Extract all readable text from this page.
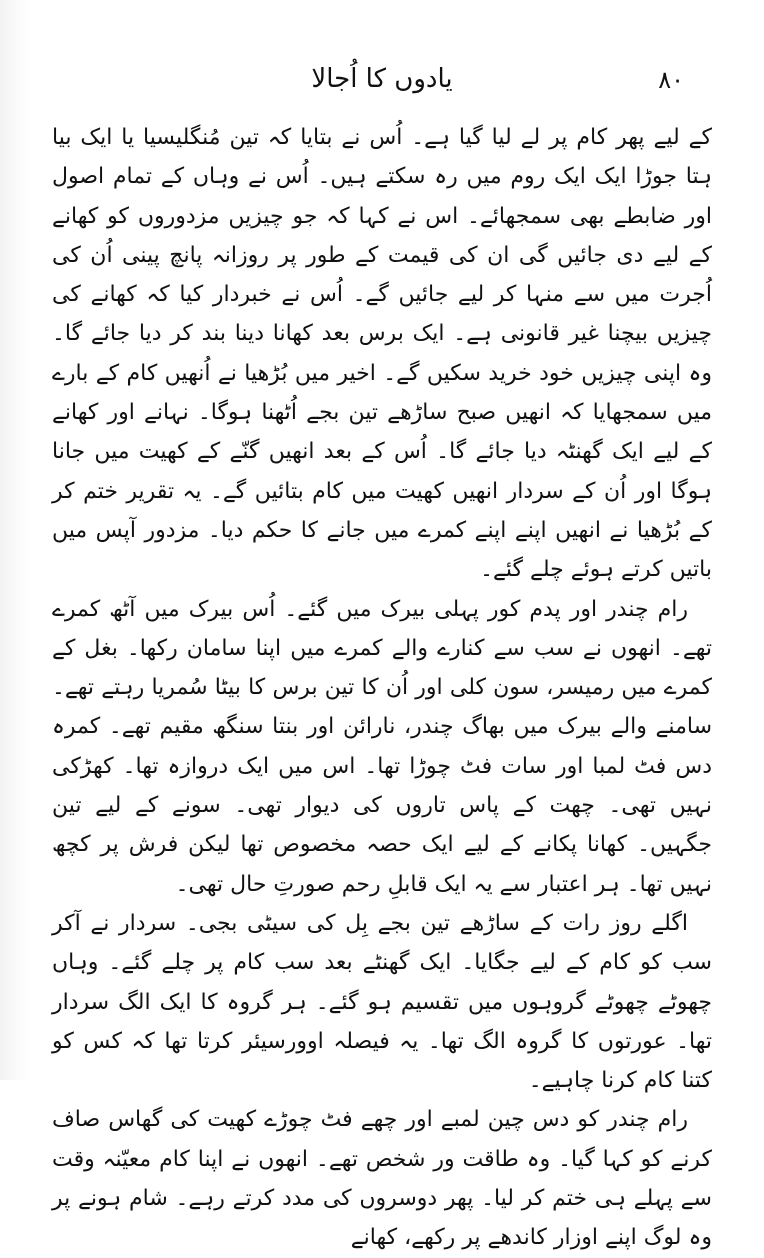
یادوں کا اُجالا	۸۰

کے لیے پھر کام پر لے لیا گیا ہے۔ اُس نے بتایا کہ تین مُنگلیسیا یا ایک بیا ہتا جوڑا ایک ایک روم میں رہ سکتے ہیں۔ اُس نے وہاں کے تمام اصول اور ضابطے بھی سمجھائے۔ اس نے کہا کہ جو چیزیں مزدوروں کو کھانے کے لیے دی جائیں گی ان کی قیمت کے طور پر روزانہ پانچ پینی اُن کی اُجرت میں سے منہا کر لیے جائیں گے۔ اُس نے خبردار کیا کہ کھانے کی چیزیں بیچنا غیر قانونی ہے۔ ایک برس بعد کھانا دینا بند کر دیا جائے گا۔ وہ اپنی چیزیں خود خرید سکیں گے۔ اخیر میں بُڑھیا نے اُنھیں کام کے بارے میں سمجھایا کہ انھیں صبح ساڑھے تین بجے اُٹھنا ہوگا۔ نہانے اور کھانے کے لیے ایک گھنٹہ دیا جائے گا۔ اُس کے بعد انھیں گنّے کے کھیت میں جانا ہوگا اور اُن کے سردار انھیں کھیت میں کام بتائیں گے۔ یہ تقریر ختم کر کے بُڑھیا نے انھیں اپنے اپنے کمرے میں جانے کا حکم دیا۔ مزدور آپس میں باتیں کرتے ہوئے چلے گئے۔

رام چندر اور پدم کور پہلی بیرک میں گئے۔ اُس بیرک میں آٹھ کمرے تھے۔ انھوں نے سب سے کنارے والے کمرے میں اپنا سامان رکھا۔ بغل کے کمرے میں رمیسر، سون کلی اور اُن کا تین برس کا بیٹا سُمریا رہتے تھے۔ سامنے والے بیرک میں بھاگ چندر، نارائن اور بنتا سنگھ مقیم تھے۔ کمرہ دس فٹ لمبا اور سات فٹ چوڑا تھا۔ اس میں ایک دروازہ تھا۔ کھڑکی نہیں تھی۔ چھت کے پاس تاروں کی دیوار تھی۔ سونے کے لیے تین جگہیں۔ کھانا پکانے کے لیے ایک حصہ مخصوص تھا لیکن فرش پر کچھ نہیں تھا۔ ہر اعتبار سے یہ ایک قابلِ رحم صورتِ حال تھی۔

اگلے روز رات کے ساڑھے تین بجے بِل کی سیٹی بجی۔ سردار نے آکر سب کو کام کے لیے جگایا۔ ایک گھنٹے بعد سب کام پر چلے گئے۔ وہاں چھوٹے چھوٹے گروہوں میں تقسیم ہو گئے۔ ہر گروہ کا ایک الگ سردار تھا۔ عورتوں کا گروہ الگ تھا۔ یہ فیصلہ اوورسیئر کرتا تھا کہ کس کو کتنا کام کرنا چاہیے۔

رام چندر کو دس چین لمبے اور چھے فٹ چوڑے کھیت کی گھاس صاف کرنے کو کہا گیا۔ وہ طاقت ور شخص تھے۔ انھوں نے اپنا کام معیّنہ وقت سے پہلے ہی ختم کر لیا۔ پھر دوسروں کی مدد کرتے رہے۔ شام ہونے پر وہ لوگ اپنے اوزار کاندھے پر رکھے، کھانے
